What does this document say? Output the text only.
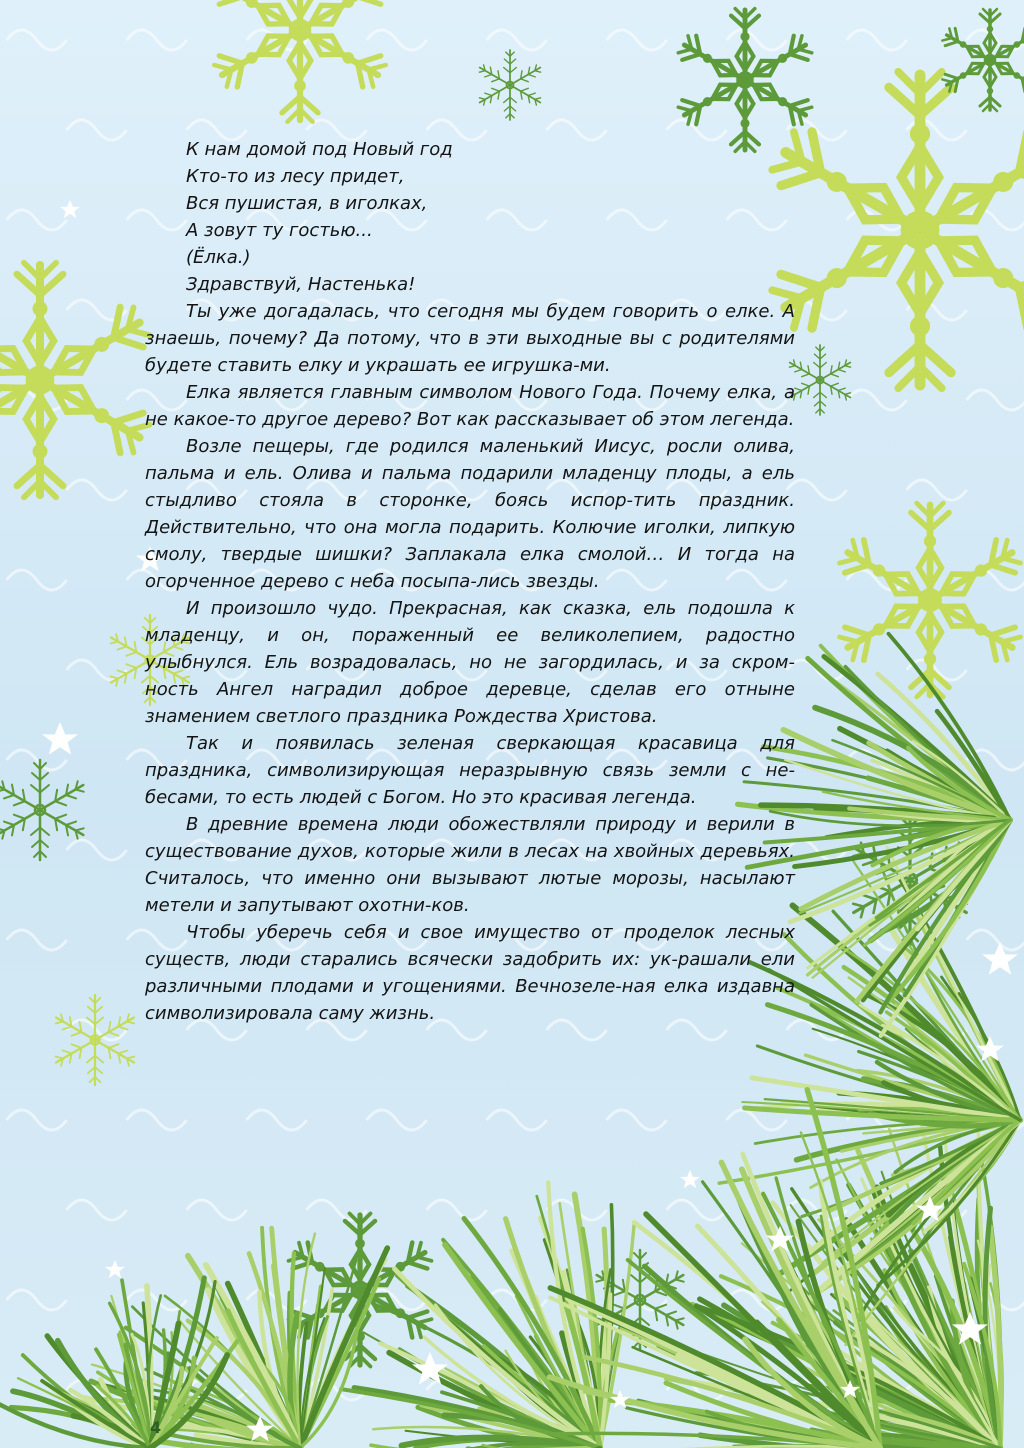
К нам домой под Новый год

Кто-то из лесу придет,

Вся пушистая, в иголках,

А зовут ту гостью...

(Ёлка.)

Здравствуй, Настенька!

Ты уже догадалась, что сегодня мы будем говорить о елке. А знаешь, почему? Да потому, что в эти выходные вы с родителями будете ставить елку и украшать ее игрушка-ми.

Елка является главным символом Нового Года. Почему елка, а не какое-то другое дерево? Вот как рассказывает об этом легенда.

Возле пещеры, где родился маленький Иисус, росли олива, пальма и ель. Олива и пальма подарили младенцу плоды, а ель стыдливо стояла в сторонке, боясь испор-тить праздник. Действительно, что она могла подарить. Колючие иголки, липкую смолу, твердые шишки? Заплакала елка смолой… И тогда на огорченное дерево с неба посыпа-лись звезды.

И произошло чудо. Прекрасная, как сказка, ель подошла к младенцу, и он, пораженный ее великолепием, радостно улыбнулся. Ель возрадовалась, но не загордилась, и за скром-ность Ангел наградил доброе деревце, сделав его отныне знамением светлого праздника Рождества Христова.

Так и появилась зеленая сверкающая красавица для праздника, символизирующая неразрывную связь земли с не-бесами, то есть людей с Богом. Но это красивая легенда.

В древние времена люди обожествляли природу и верили в существование духов, которые жили в лесах на хвойных деревьях. Считалось, что именно они вызывают лютые морозы, насылают метели и запутывают охотни-ков.

Чтобы уберечь себя и свое имущество от проделок лесных существ, люди старались всячески задобрить их: ук-рашали ели различными плодами и угощениями. Вечнозеле-ная елка издавна символизировала саму жизнь.

4
